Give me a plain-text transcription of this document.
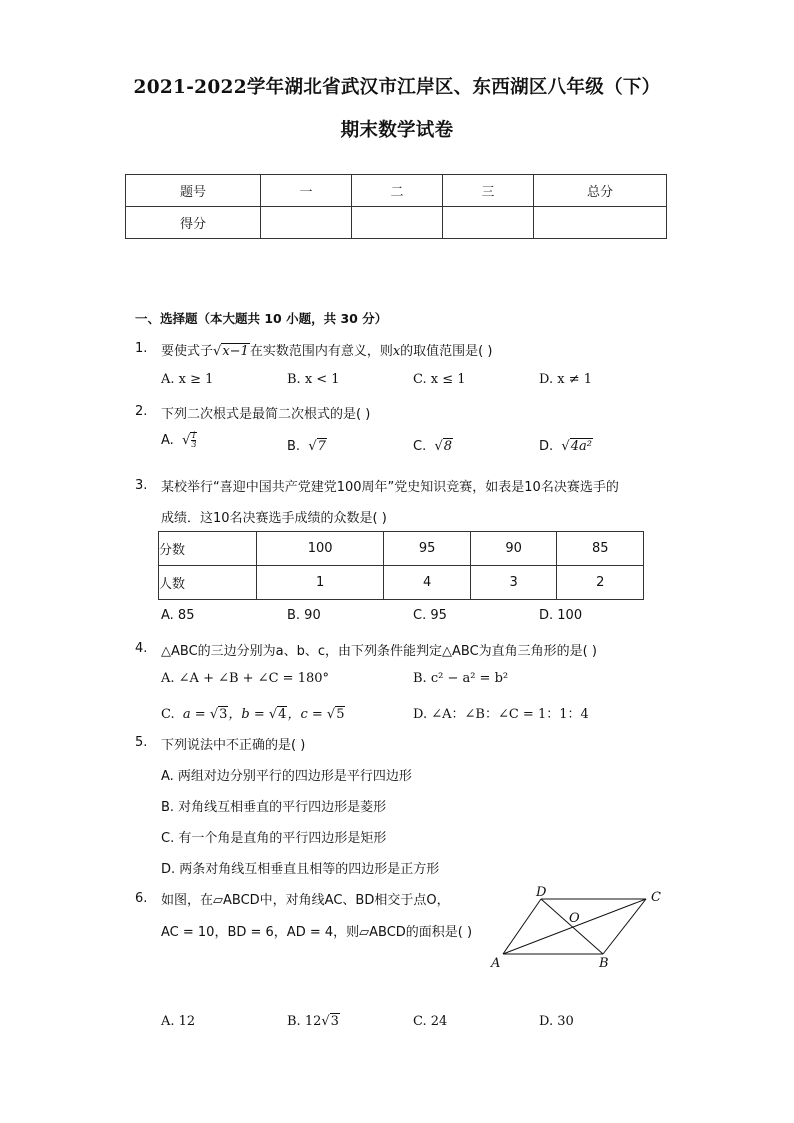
2021-2022学年湖北省武汉市江岸区、东西湖区八年级（下）
期末数学试卷
题号	一	二	三	总分
得分				
一、选择题（本大题共 10 小题，共 30 分）
1.	要使式子√x−1在实数范围内有意义，则x的取值范围是( )
A. x ≥ 1	B. x < 1	C. x ≤ 1	D. x ≠ 1
2.	下列二次根式是最简二次根式的是( )
A. √ $\frac{1}{3}$	B. √7	C. √8	D. √4a²
3.	某校举行“喜迎中国共产党建党100周年”党史知识竞赛，如表是10名决赛选手的
成绩．这10名决赛选手成绩的众数是( )
分数	100	95	90	85
人数	1	4	3	2
A. 85	B. 90	C. 95	D. 100
4.	△ABC的三边分别为a、b、c，由下列条件能判定△ABC为直角三角形的是( )
A. ∠A + ∠B + ∠C = 180°	B. c² − a² = b²
C. a = √3，b = √4，c = √5	D. ∠A：∠B：∠C = 1：1：4
5.	下列说法中不正确的是( )
A. 两组对边分别平行的四边形是平行四边形
B. 对角线互相垂直的平行四边形是菱形
C. 有一个角是直角的平行四边形是矩形
D. 两条对角线互相垂直且相等的四边形是正方形
6.	如图，在▱ABCD中，对角线AC、BD相交于点O，
AC = 10，BD = 6，AD = 4，则▱ABCD的面积是( )
A	B
C
D
O
A. 12	B. 12√3	C. 24	D. 30
